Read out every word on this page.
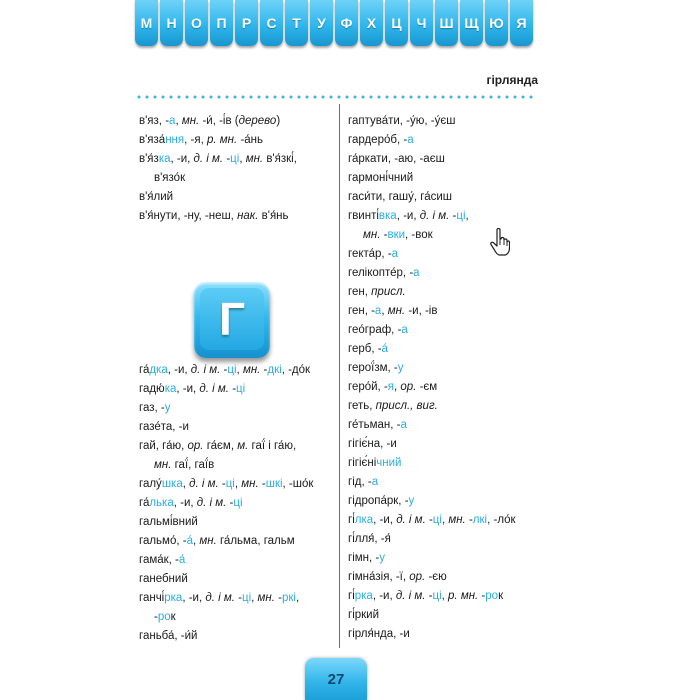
М	Н	О	П	Р	С	Т	У	Ф	Х	Ц	Ч Ш Щ Ю Я
гірлянда
в'яз, -а, мн. -и́, -і́в (дерево)
в'яза́ння, -я, р. мн. -а́нь
в'я́зка, -и, д. і м. -ці, мн. в'я́зкі́,
в'язо́к
в'я́лий
в'я́нути, -ну, -неш, нак. в'я́нь
Г
га́дка, -и, д. і м. -ці, мн. -дкі, -до́к
гадю́ка, -и, д. і м. -ці
газ, -у
газе́та, -и
гай, га́ю, ор. га́єм, м. гаї́ і га́ю,
мн. гаї́, гаї́в
галу́шка, д. і м. -ці, мн. -шкі, -шо́к
га́лька, -и, д. і м. -ці
гальмі́вний
гальмо́, -а́, мн. га́льма, гальм
гама́к, -а́
ганебний
ганчі́рка, -и, д. і м. -ці, мн. -ркі,
-рок
ганьба́, -и́й
гаптува́ти, -у́ю, -у́єш
гардеро́б, -а
га́ркати, -аю, -аєш
гармоні́чний
гаси́ти, гашу́, га́сиш
гвинті́вка, -и, д. і м. -ці,
мн. -вки, -вок
гекта́р, -а
гелікопте́р, -а
ген, присл.
ген, -а, мн. -и, -ів
гео́граф, -а
герб, -а́
герої́зм, -у
геро́й, -я, ор. -єм
геть, присл., виг.
ге́тьман, -а
гігіє́на, -и
гігіє́нічний
гід, -а
гідропа́рк, -у
гі́лка, -и, д. і м. -ці, мн. -лкі, -ло́к
гі́лля́, -я́
гімн, -у
гімна́зія, -ї, ор. -єю
гі́рка, -и, д. і м. -ці, р. мн. -рок
гі́ркий
гірля́нда, -и
27
